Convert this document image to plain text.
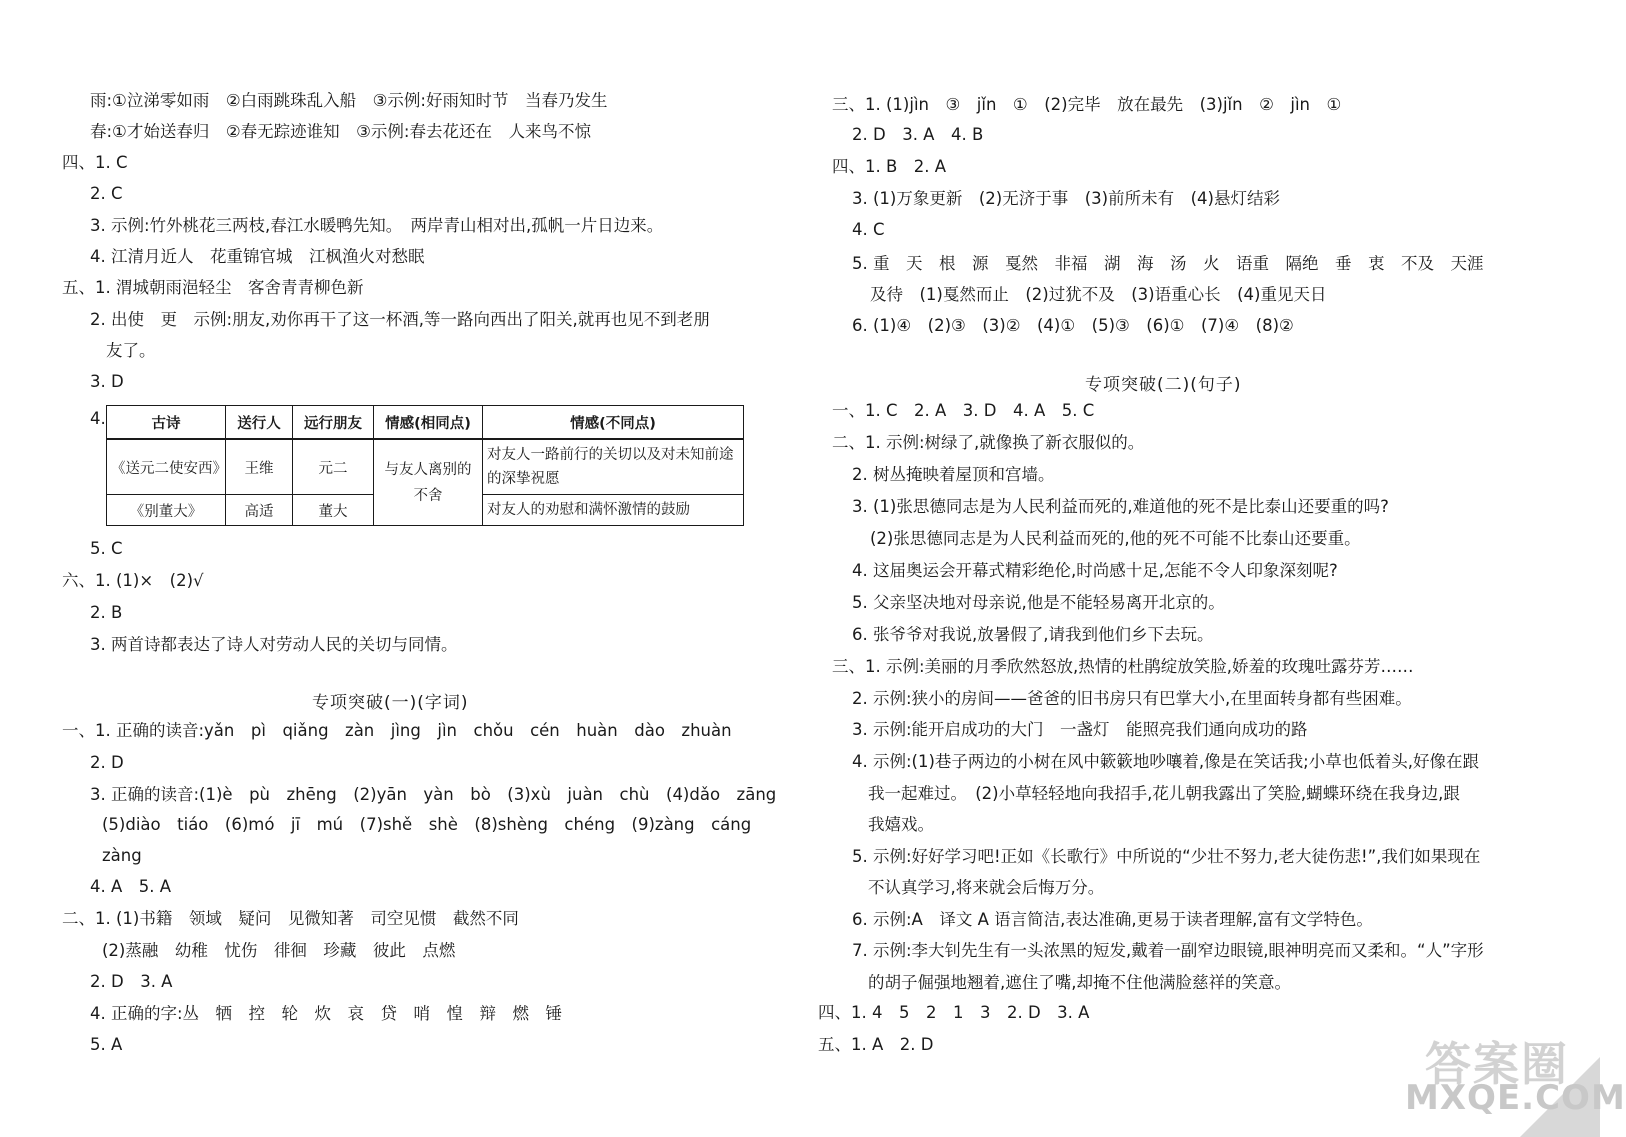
雨:①泣涕零如雨　②白雨跳珠乱入船　③示例:好雨知时节　当春乃发生
春:①才始送春归　②春无踪迹谁知　③示例:春去花还在　人来鸟不惊
四、1. C
2. C
3. 示例:竹外桃花三两枝,春江水暖鸭先知。　两岸青山相对出,孤帆一片日边来。
4. 江清月近人　花重锦官城　江枫渔火对愁眠
五、1. 渭城朝雨浥轻尘　客舍青青柳色新
2. 出使　更　示例:朋友,劝你再干了这一杯酒,等一路向西出了阳关,就再也见不到老朋
友了。
3. D
4.	古诗	送行人	远行朋友	情感(相同点)	情感(不同点)
《送元二使安西》	王维	元二	与友人离别的不舍	对友人一路前行的关切以及对未知前途的深挚祝愿
《别董大》	高适	董大		对友人的劝慰和满怀激情的鼓励
5. C
六、1. (1)×　(2)√
2. B
3. 两首诗都表达了诗人对劳动人民的关切与同情。
专项突破(一)(字词)
一、1. 正确的读音:yǎn　pì　qiǎng　zàn　jìng　jìn　chǒu　cén　huàn　dào　zhuàn
2. D
3. 正确的读音:(1)è　pù　zhēng　(2)yān　yàn　bò　(3)xù　juàn　chù　(4)dǎo　zāng
(5)diào　tiáo　(6)mó　jī　mú　(7)shě　shè　(8)shèng　chéng　(9)zàng　cáng
zàng
4. A　5. A
二、1. (1)书籍　领域　疑问　见微知著　司空见惯　截然不同
(2)蒸融　幼稚　忧伤　徘徊　珍藏　彼此　点燃
2. D　3. A
4. 正确的字:丛　牺　控　轮　炊　哀　贷　哨　惶　辩　燃　锤
5. A
三、1. (1)jìn　③　jǐn　①　(2)完毕　放在最先　(3)jǐn　②　jìn　①
2. D　3. A　4. B
四、1. B　2. A
3. (1)万象更新　(2)无济于事　(3)前所未有　(4)悬灯结彩
4. C
5. 重　天　根　源　戛然　非福　湖　海　汤　火　语重　隔绝　垂　衷　不及　天涯
及待　(1)戛然而止　(2)过犹不及　(3)语重心长　(4)重见天日
6. (1)④　(2)③　(3)②　(4)①　(5)③　(6)①　(7)④　(8)②
专项突破(二)(句子)
一、1. C　2. A　3. D　4. A　5. C
二、1. 示例:树绿了,就像换了新衣服似的。
2. 树丛掩映着屋顶和宫墙。
3. (1)张思德同志是为人民利益而死的,难道他的死不是比泰山还要重的吗?
(2)张思德同志是为人民利益而死的,他的死不可能不比泰山还要重。
4. 这届奥运会开幕式精彩绝伦,时尚感十足,怎能不令人印象深刻呢?
5. 父亲坚决地对母亲说,他是不能轻易离开北京的。
6. 张爷爷对我说,放暑假了,请我到他们乡下去玩。
三、1. 示例:美丽的月季欣然怒放,热情的杜鹃绽放笑脸,娇羞的玫瑰吐露芬芳……
2. 示例:狭小的房间——爸爸的旧书房只有巴掌大小,在里面转身都有些困难。
3. 示例:能开启成功的大门　一盏灯　能照亮我们通向成功的路
4. 示例:(1)巷子两边的小树在风中簌簌地吵嚷着,像是在笑话我;小草也低着头,好像在跟
我一起难过。　(2)小草轻轻地向我招手,花儿朝我露出了笑脸,蝴蝶环绕在我身边,跟
我嬉戏。
5. 示例:好好学习吧!正如《长歌行》中所说的“少壮不努力,老大徒伤悲!”,我们如果现在
不认真学习,将来就会后悔万分。
6. 示例:A　译文 A 语言简洁,表达准确,更易于读者理解,富有文学特色。
7. 示例:李大钊先生有一头浓黑的短发,戴着一副窄边眼镜,眼神明亮而又柔和。“人”字形
的胡子倔强地翘着,遮住了嘴,却掩不住他满脸慈祥的笑意。
四、1. 4　5　2　1　3　2. D　3. A
五、1. A　2. D	答案圈
MXQE.COM
